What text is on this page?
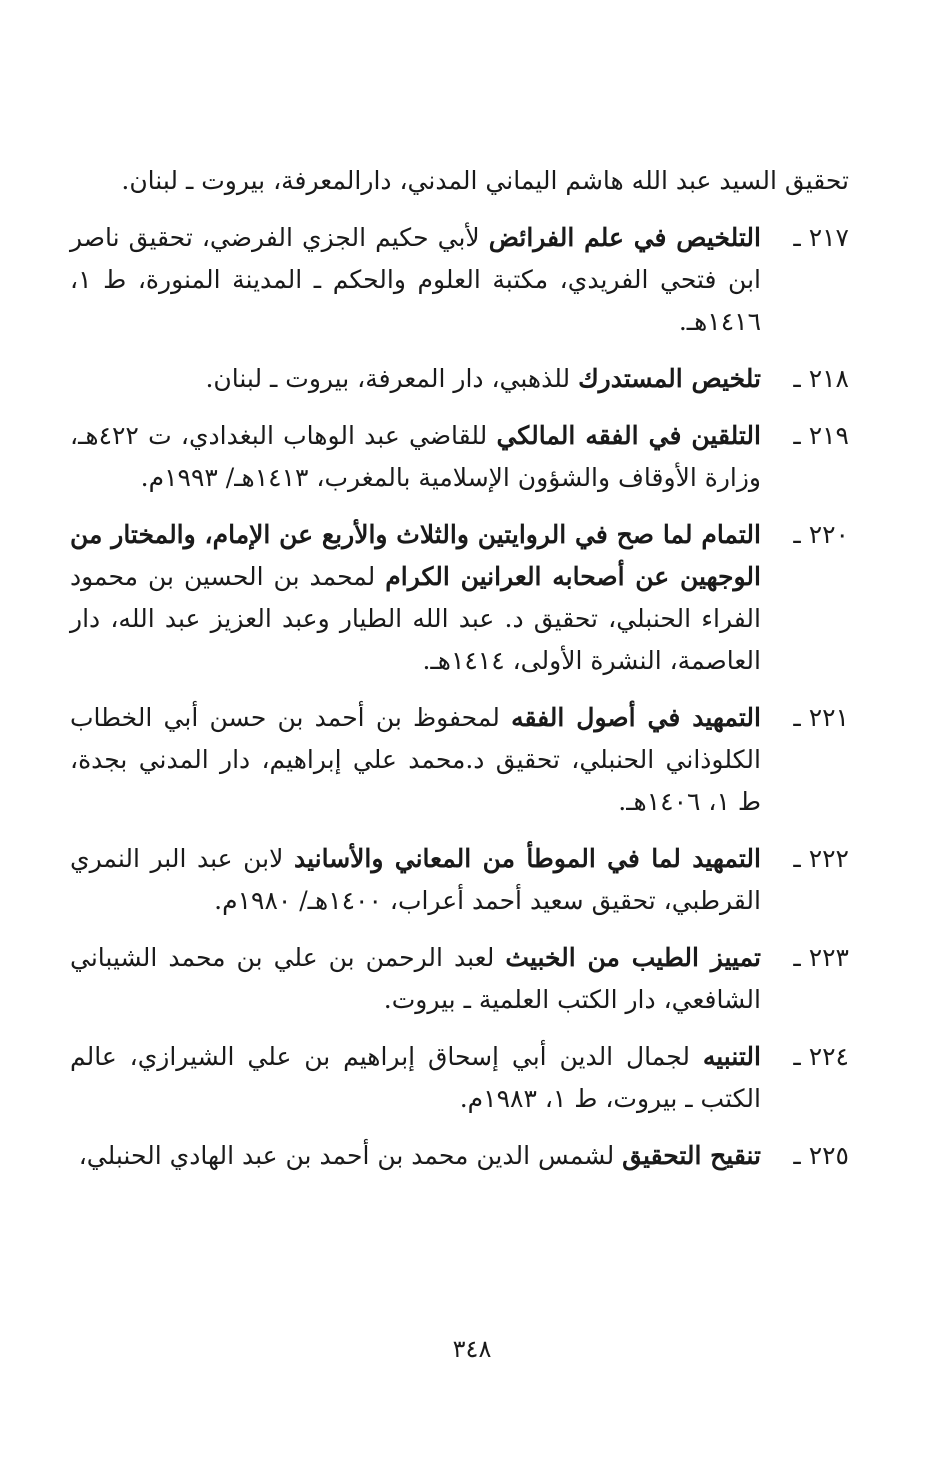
تحقيق السيد عبد الله هاشم اليماني المدني، دارالمعرفة، بيروت ـ لبنان.

٢١٧ ـ
التلخيص في علم الفرائض لأبي حكيم الجزي الفرضي، تحقيق ناصر ابن فتحي الفريدي، مكتبة العلوم والحكم ـ المدينة المنورة، ط ١، ١٤١٦هـ.
٢١٨ ـ
تلخيص المستدرك للذهبي، دار المعرفة، بيروت ـ لبنان.
٢١٩ ـ
التلقين في الفقه المالكي للقاضي عبد الوهاب البغدادي، ت ٤٢٢هـ، وزارة الأوقاف والشؤون الإسلامية بالمغرب، ١٤١٣هـ/ ١٩٩٣م.
٢٢٠ ـ
التمام لما صح في الروايتين والثلاث والأربع عن الإمام، والمختار من الوجهين عن أصحابه العرانين الكرام لمحمد بن الحسين بن محمود الفراء الحنبلي، تحقيق د. عبد الله الطيار وعبد العزيز عبد الله، دار العاصمة، النشرة الأولى، ١٤١٤هـ.
٢٢١ ـ
التمهيد في أصول الفقه لمحفوظ بن أحمد بن حسن أبي الخطاب الكلوذاني الحنبلي، تحقيق د.محمد علي إبراهيم، دار المدني بجدة، ط ١، ١٤٠٦هـ.
٢٢٢ ـ
التمهيد لما في الموطأ من المعاني والأسانيد لابن عبد البر النمري القرطبي، تحقيق سعيد أحمد أعراب، ١٤٠٠هـ/ ١٩٨٠م.
٢٢٣ ـ
تمييز الطيب من الخبيث لعبد الرحمن بن علي بن محمد الشيباني الشافعي، دار الكتب العلمية ـ بيروت.
٢٢٤ ـ
التنبيه لجمال الدين أبي إسحاق إبراهيم بن علي الشيرازي، عالم الكتب ـ بيروت، ط ١، ١٩٨٣م.
٢٢٥ ـ
تنقيح التحقيق لشمس الدين محمد بن أحمد بن عبد الهادي الحنبلي،
٣٤٨
